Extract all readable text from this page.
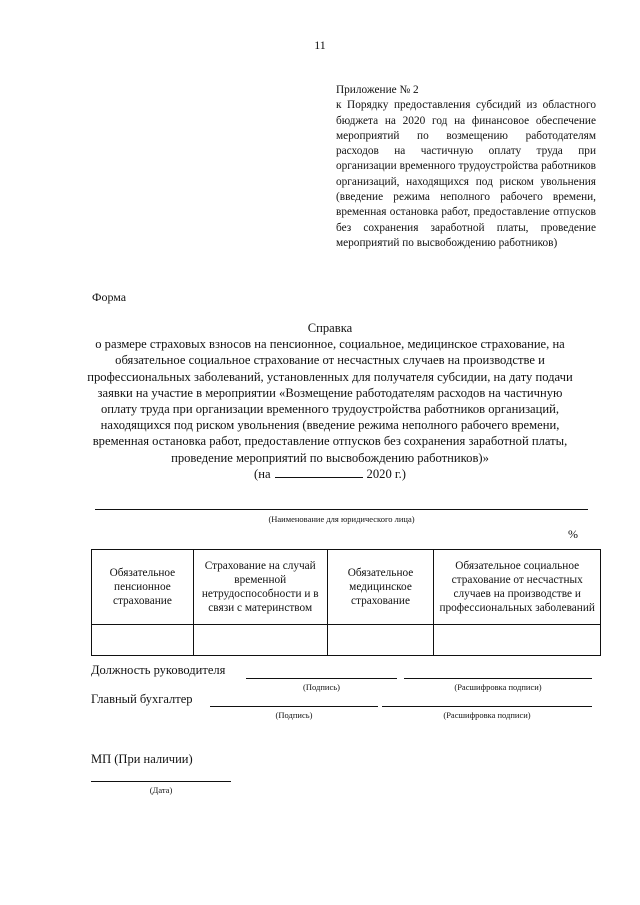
11
Приложение № 2
к Порядку предоставления субсидий из областного бюджета на 2020 год на финансовое обеспечение мероприятий по возмещению работодателям расходов на частичную оплату труда при организации временного трудоустройства работников организаций, находящихся под риском увольнения (введение режима неполного рабочего времени, временная остановка работ, предоставление отпусков без сохранения заработной платы, проведение мероприятий по высвобождению работников)
Форма
Справка
о размере страховых взносов на пенсионное, социальное, медицинское страхование, на обязательное социальное страхование от несчастных случаев на производстве и профессиональных заболеваний, установленных для получателя субсидии, на дату подачи заявки на участие в мероприятии «Возмещение работодателям расходов на частичную оплату труда при организации временного трудоустройства работников организаций, находящихся под риском увольнения (введение режима неполного рабочего времени, временная остановка работ, предоставление отпусков без сохранения заработной платы, проведение мероприятий по высвобождению работников)»
(на	2020 г.)
(Наименование для юридического лица)
%
Обязательное пенсионное страхование	Страхование на случай временной нетрудоспособности и в связи с материнством	Обязательное медицинское страхование	Обязательное социальное страхование от несчастных случаев на производстве и профессиональных заболеваний

Должность руководителя
(Подпись)	(Расшифровка подписи)
Главный бухгалтер
(Подпись)	(Расшифровка подписи)
МП (При наличии)
(Дата)
